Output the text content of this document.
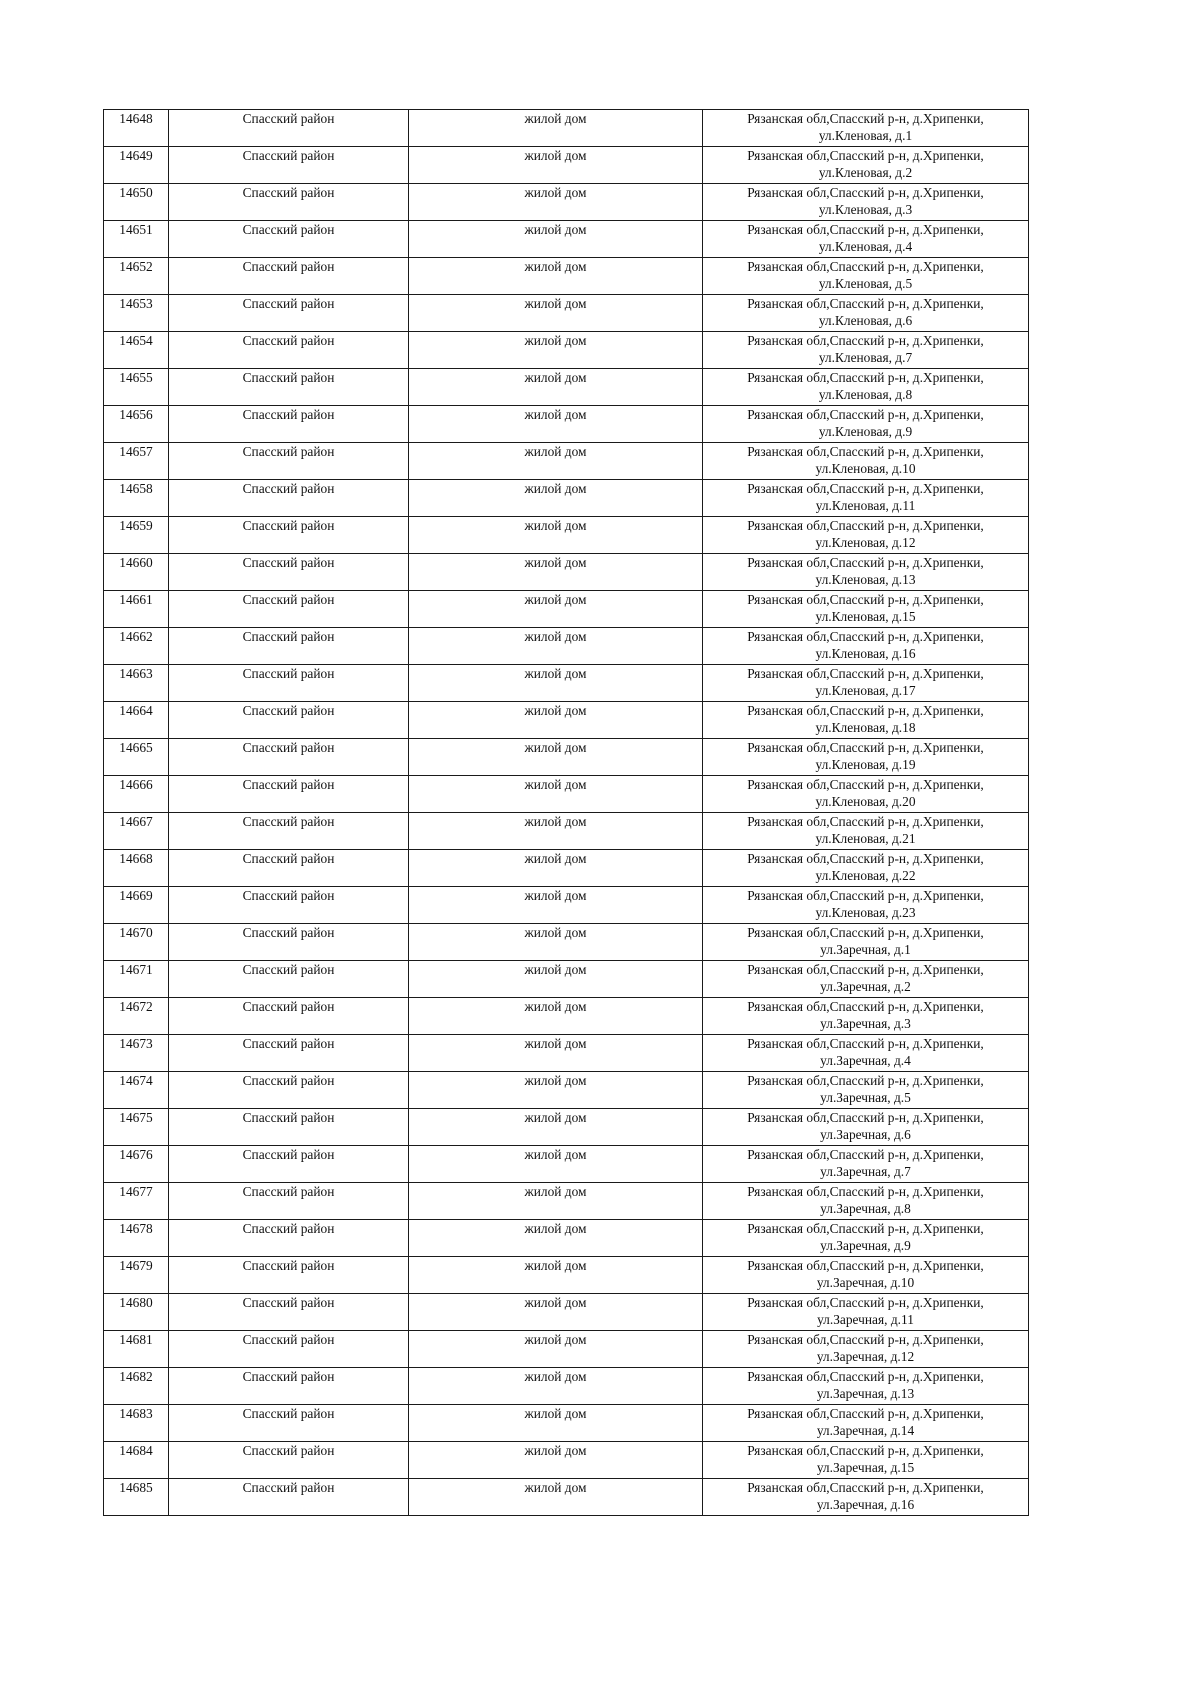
14648	Спасский район	жилой дом	Рязанская обл,Спасский р-н, д.Хрипенки,
ул.Кленовая, д.1

14649	Спасский район	жилой дом	Рязанская обл,Спасский р-н, д.Хрипенки,
ул.Кленовая, д.2

14650	Спасский район	жилой дом	Рязанская обл,Спасский р-н, д.Хрипенки,
ул.Кленовая, д.3

14651	Спасский район	жилой дом	Рязанская обл,Спасский р-н, д.Хрипенки,
ул.Кленовая, д.4

14652	Спасский район	жилой дом	Рязанская обл,Спасский р-н, д.Хрипенки,
ул.Кленовая, д.5

14653	Спасский район	жилой дом	Рязанская обл,Спасский р-н, д.Хрипенки,
ул.Кленовая, д.6

14654	Спасский район	жилой дом	Рязанская обл,Спасский р-н, д.Хрипенки,
ул.Кленовая, д.7

14655	Спасский район	жилой дом	Рязанская обл,Спасский р-н, д.Хрипенки,
ул.Кленовая, д.8

14656	Спасский район	жилой дом	Рязанская обл,Спасский р-н, д.Хрипенки,
ул.Кленовая, д.9

14657	Спасский район	жилой дом	Рязанская обл,Спасский р-н, д.Хрипенки,
ул.Кленовая, д.10

14658	Спасский район	жилой дом	Рязанская обл,Спасский р-н, д.Хрипенки,
ул.Кленовая, д.11

14659	Спасский район	жилой дом	Рязанская обл,Спасский р-н, д.Хрипенки,
ул.Кленовая, д.12

14660	Спасский район	жилой дом	Рязанская обл,Спасский р-н, д.Хрипенки,
ул.Кленовая, д.13

14661	Спасский район	жилой дом	Рязанская обл,Спасский р-н, д.Хрипенки,
ул.Кленовая, д.15

14662	Спасский район	жилой дом	Рязанская обл,Спасский р-н, д.Хрипенки,
ул.Кленовая, д.16

14663	Спасский район	жилой дом	Рязанская обл,Спасский р-н, д.Хрипенки,
ул.Кленовая, д.17

14664	Спасский район	жилой дом	Рязанская обл,Спасский р-н, д.Хрипенки,
ул.Кленовая, д.18

14665	Спасский район	жилой дом	Рязанская обл,Спасский р-н, д.Хрипенки,
ул.Кленовая, д.19

14666	Спасский район	жилой дом	Рязанская обл,Спасский р-н, д.Хрипенки,
ул.Кленовая, д.20

14667	Спасский район	жилой дом	Рязанская обл,Спасский р-н, д.Хрипенки,
ул.Кленовая, д.21

14668	Спасский район	жилой дом	Рязанская обл,Спасский р-н, д.Хрипенки,
ул.Кленовая, д.22

14669	Спасский район	жилой дом	Рязанская обл,Спасский р-н, д.Хрипенки,
ул.Кленовая, д.23

14670	Спасский район	жилой дом	Рязанская обл,Спасский р-н, д.Хрипенки,
ул.Заречная, д.1

14671	Спасский район	жилой дом	Рязанская обл,Спасский р-н, д.Хрипенки,
ул.Заречная, д.2

14672	Спасский район	жилой дом	Рязанская обл,Спасский р-н, д.Хрипенки,
ул.Заречная, д.3

14673	Спасский район	жилой дом	Рязанская обл,Спасский р-н, д.Хрипенки,
ул.Заречная, д.4

14674	Спасский район	жилой дом	Рязанская обл,Спасский р-н, д.Хрипенки,
ул.Заречная, д.5

14675	Спасский район	жилой дом	Рязанская обл,Спасский р-н, д.Хрипенки,
ул.Заречная, д.6

14676	Спасский район	жилой дом	Рязанская обл,Спасский р-н, д.Хрипенки,
ул.Заречная, д.7

14677	Спасский район	жилой дом	Рязанская обл,Спасский р-н, д.Хрипенки,
ул.Заречная, д.8

14678	Спасский район	жилой дом	Рязанская обл,Спасский р-н, д.Хрипенки,
ул.Заречная, д.9

14679	Спасский район	жилой дом	Рязанская обл,Спасский р-н, д.Хрипенки,
ул.Заречная, д.10

14680	Спасский район	жилой дом	Рязанская обл,Спасский р-н, д.Хрипенки,
ул.Заречная, д.11

14681	Спасский район	жилой дом	Рязанская обл,Спасский р-н, д.Хрипенки,
ул.Заречная, д.12

14682	Спасский район	жилой дом	Рязанская обл,Спасский р-н, д.Хрипенки,
ул.Заречная, д.13

14683	Спасский район	жилой дом	Рязанская обл,Спасский р-н, д.Хрипенки,
ул.Заречная, д.14

14684	Спасский район	жилой дом	Рязанская обл,Спасский р-н, д.Хрипенки,
ул.Заречная, д.15

14685	Спасский район	жилой дом	Рязанская обл,Спасский р-н, д.Хрипенки,
ул.Заречная, д.16
